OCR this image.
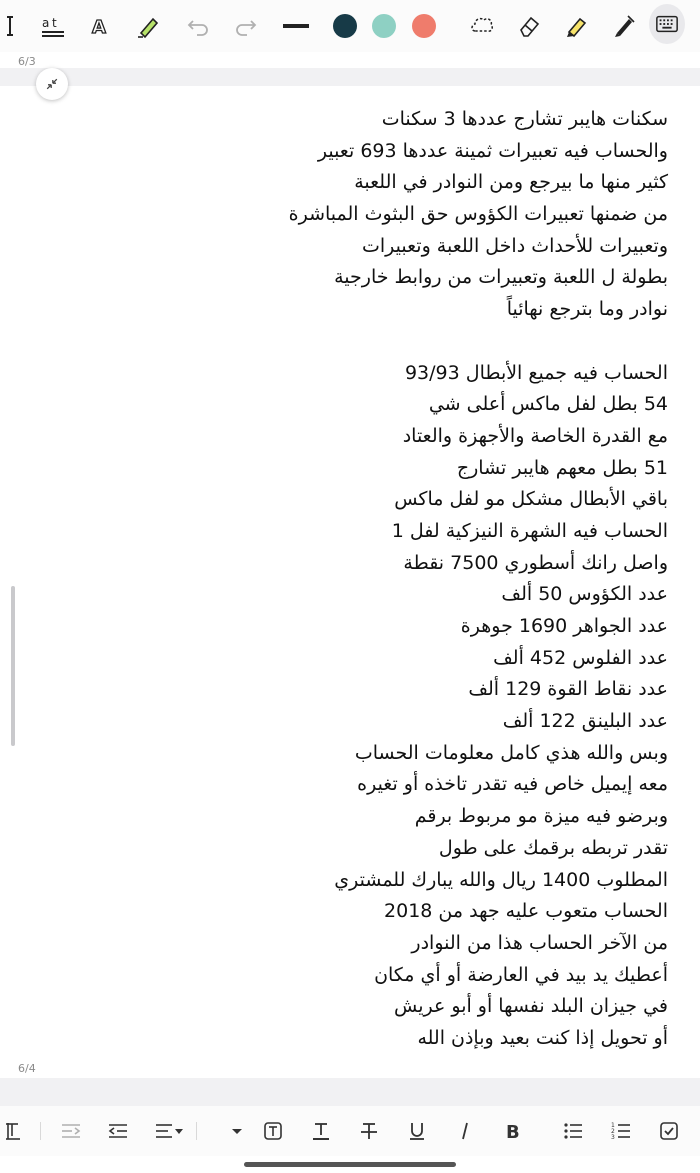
a t A
6/3
سكنات هايبر تشارج عددها 3 سكنات
والحساب فيه تعبيرات ثمينة عددها 693 تعبير
كثير منها ما بيرجع ومن النوادر في اللعبة
من ضمنها تعبيرات الكؤوس حق البثوث المباشرة
وتعبيرات للأحداث داخل اللعبة وتعبيرات
بطولة ل اللعبة وتعبيرات من روابط خارجية
نوادر وما بترجع نهائياً
الحساب فيه جميع الأبطال 93/93
54 بطل لفل ماكس أعلى شي
مع القدرة الخاصة والأجهزة والعتاد
51 بطل معهم هايبر تشارج
باقي الأبطال مشكل مو لفل ماكس
الحساب فيه الشهرة النيزكية لفل 1
واصل رانك أسطوري 7500 نقطة
عدد الكؤوس 50 ألف
عدد الجواهر 1690 جوهرة
عدد الفلوس 452 ألف
عدد نقاط القوة 129 ألف
عدد البلينق 122 ألف
وبس والله هذي كامل معلومات الحساب
معه إيميل خاص فيه تقدر تاخذه أو تغيره
وبرضو فيه ميزة مو مربوط برقم
تقدر تربطه برقمك على طول
المطلوب 1400 ريال والله يبارك للمشتري
الحساب متعوب عليه جهد من 2018
من الآخر الحساب هذا من النوادر
أعطيك يد بيد في العارضة أو أي مكان
في جيزان البلد نفسها أو أبو عريش
أو تحويل إذا كنت بعيد وبإذن الله
6/4
B	1
2
3
